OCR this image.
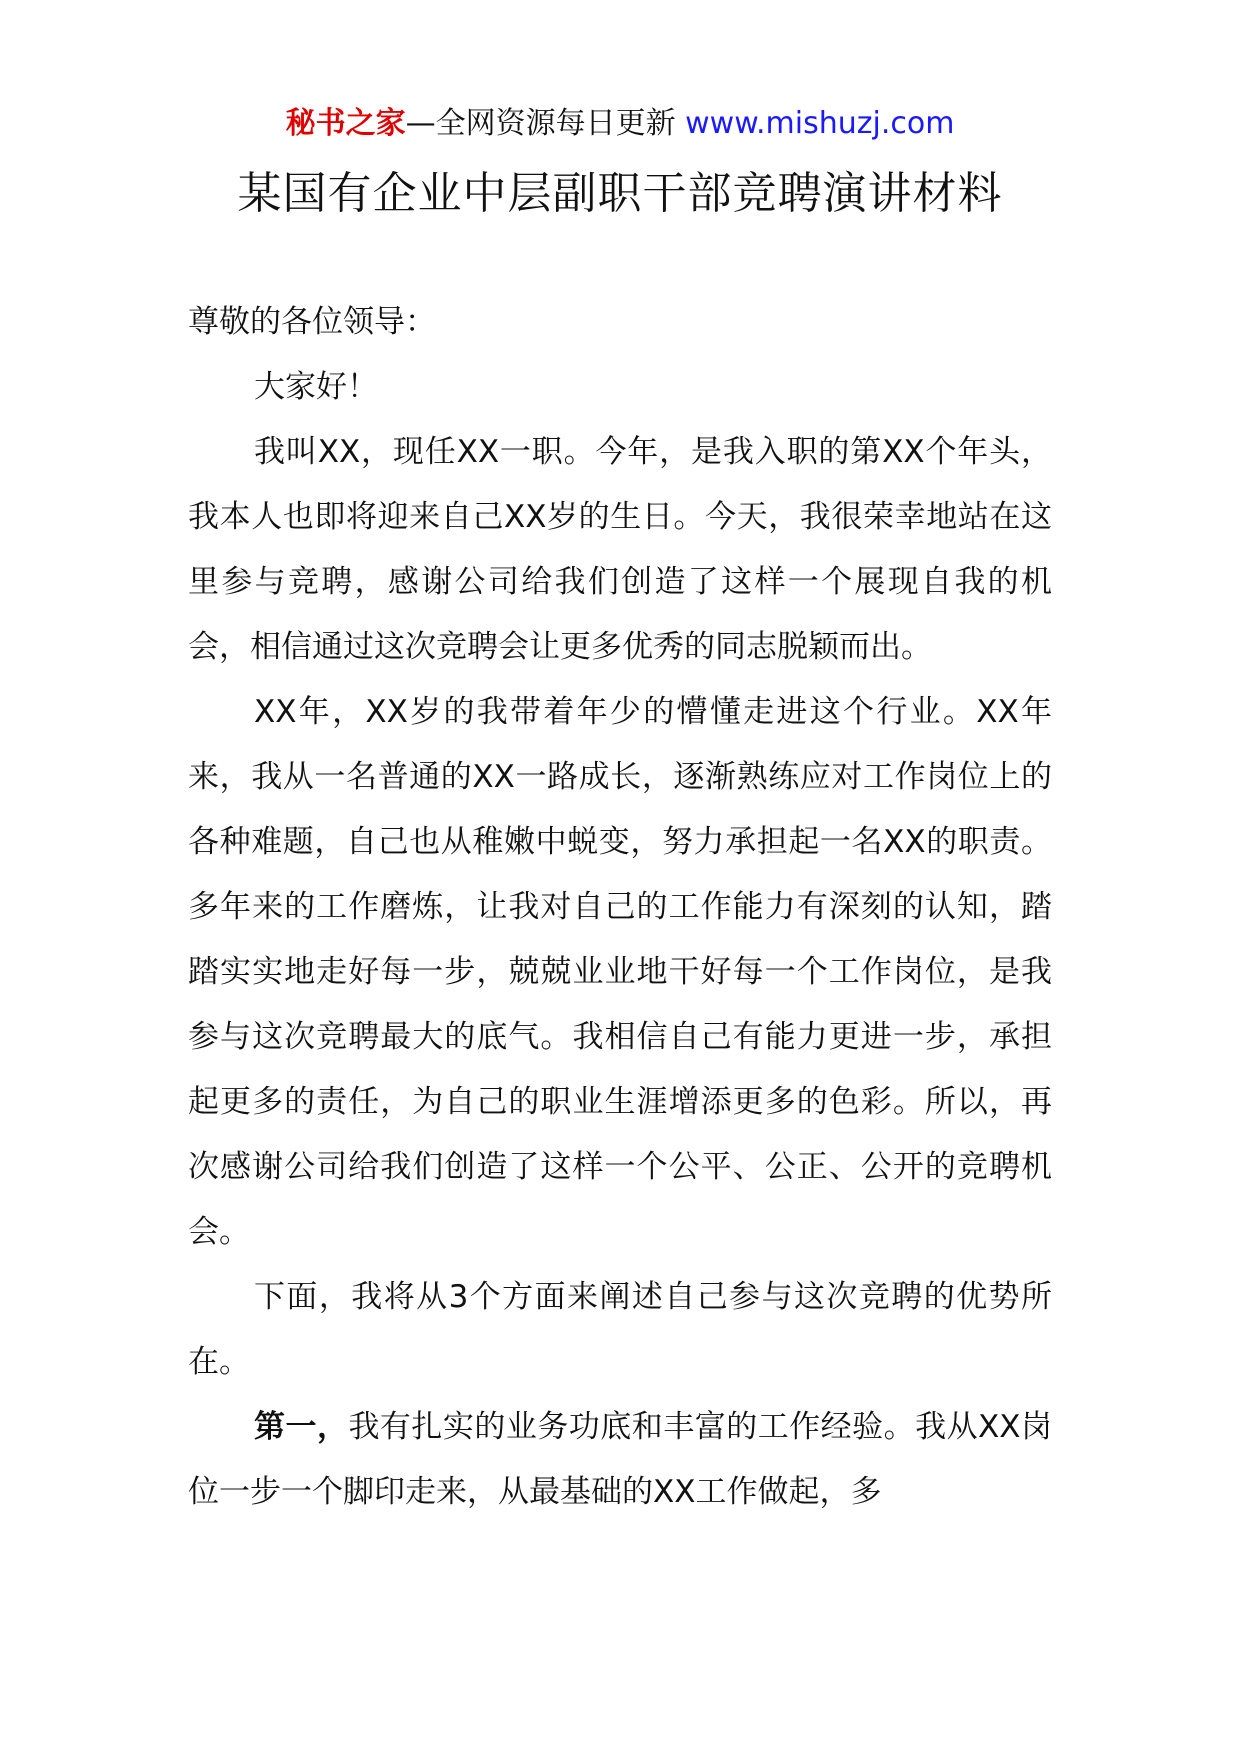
秘书之家—全网资源每日更新 www.mishuzj.com
某国有企业中层副职干部竞聘演讲材料

尊敬的各位领导：

大家好！

我叫XX，现任XX一职。今年，是我入职的第XX个年头，我本人也即将迎来自己XX岁的生日。今天，我很荣幸地站在这里参与竞聘，感谢公司给我们创造了这样一个展现自我的机会，相信通过这次竞聘会让更多优秀的同志脱颖而出。

XX年，XX岁的我带着年少的懵懂走进这个行业。XX年来，我从一名普通的XX一路成长，逐渐熟练应对工作岗位上的各种难题，自己也从稚嫩中蜕变，努力承担起一名XX的职责。多年来的工作磨炼，让我对自己的工作能力有深刻的认知，踏踏实实地走好每一步，兢兢业业地干好每一个工作岗位，是我参与这次竞聘最大的底气。我相信自己有能力更进一步，承担起更多的责任，为自己的职业生涯增添更多的色彩。所以，再次感谢公司给我们创造了这样一个公平、公正、公开的竞聘机会。

下面，我将从3个方面来阐述自己参与这次竞聘的优势所在。

第一，我有扎实的业务功底和丰富的工作经验。我从XX岗位一步一个脚印走来，从最基础的XX工作做起，多
